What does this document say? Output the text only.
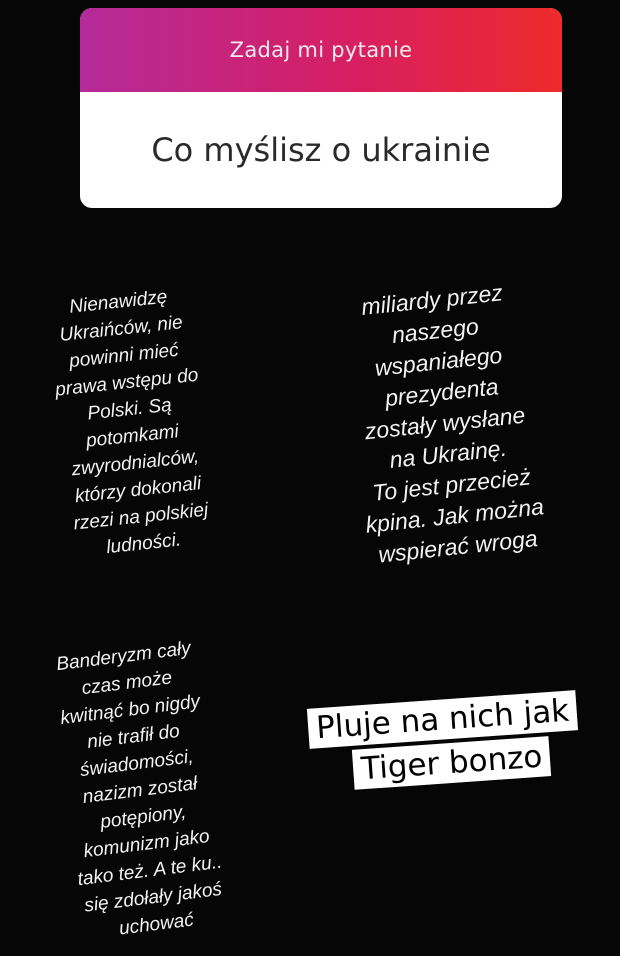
Zadaj mi pytanie
Co myślisz o ukrainie
Nienawidzę
Ukraińców, nie
powinni mieć
prawa wstępu do
Polski. Są
potomkami
zwyrodnialców,
którzy dokonali
rzezi na polskiej
ludności.
miliardy przez
naszego
wspaniałego
prezydenta
zostały wysłane
na Ukrainę.
To jest przecież
kpina. Jak można
wspierać wroga
Banderyzm cały
czas może
kwitnąć bo nigdy
nie trafił do
świadomości,
nazizm został
potępiony,
komunizm jako
tako też. A te ku..
się zdołały jakoś
uchować
Pluje na nich jak
Tiger bonzo
